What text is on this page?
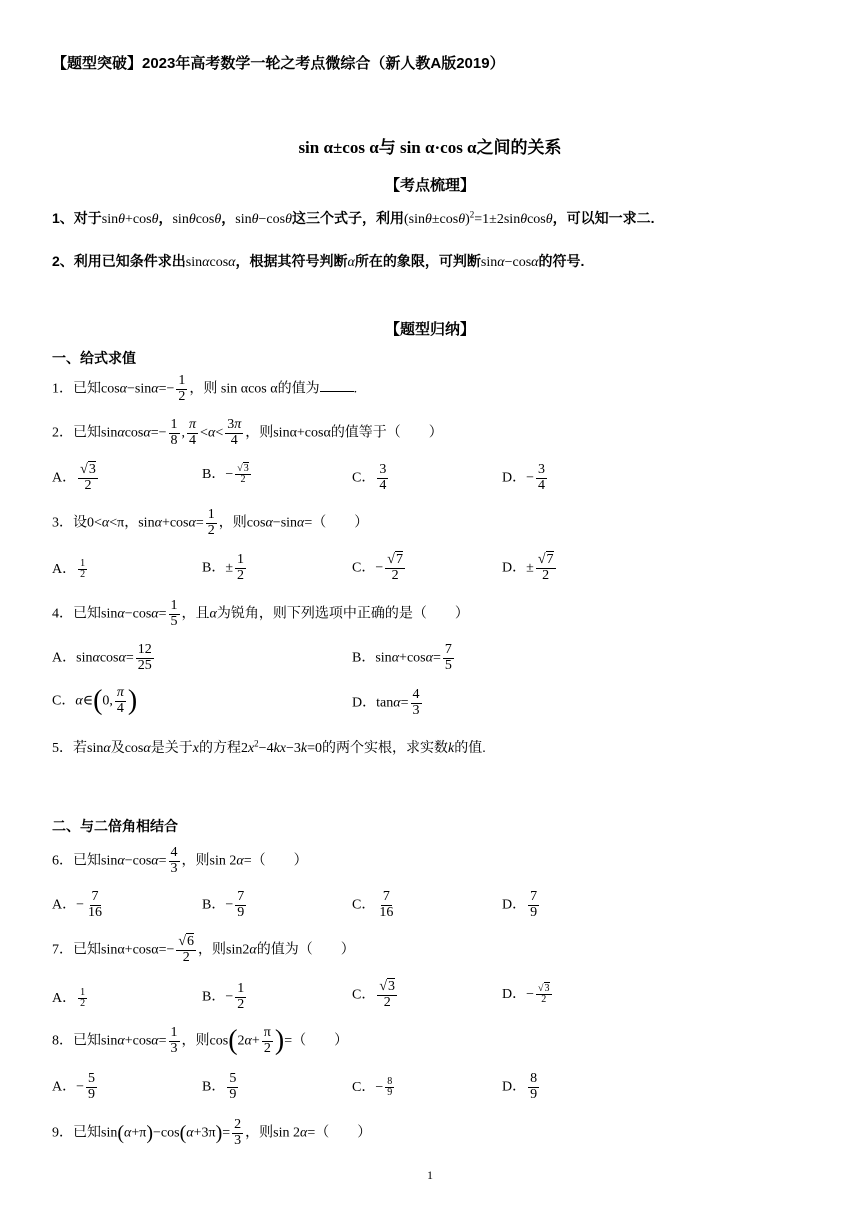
【题型突破】2023年高考数学一轮之考点微综合（新人教A版2019）
sin α±cos α与 sin α·cos α之间的关系
【考点梳理】
1、对于sinθ+cosθ，sinθcosθ，sinθ−cosθ这三个式子，利用$(\sin\theta\pm\cos\theta)^2=1\pm 2\sin\theta\cos\theta$，可以知一求二.
2、利用已知条件求出sinαcosα，根据其符号判断α所在的象限，可判断sinα−cosα的符号.
【题型归纳】
一、给式求值
1．已知$\cos\alpha-\sin\alpha=- \frac{1}{2}$ ，则 sin αcos α的值为 .
2．已知$\sin\alpha\cos\alpha=- \frac{1}{8}$ , $\frac{\pi}{4} <\alpha< \frac{3\pi}{4}$ ，则sinα+cosα的值等于（　　）
A． $\frac{√3}{2}$	B．− $\frac{√3}{2}$	C． $\frac{3}{4}$	D．− $\frac{3}{4}$
3．设0<α<π，$\sin\alpha+\cos\alpha= \frac{1}{2}$ ，则cosα−sinα=（　　）
A． $\frac{1}{2}$	B．± $\frac{1}{2}$	C．− $\frac{√7}{2}$	D．± $\frac{√7}{2}$
4．已知$\sin\alpha-\cos\alpha= \frac{1}{5}$ ，且α为锐角，则下列选项中正确的是（　　）
A．$\sin\alpha\cos\alpha= \frac{12}{25}$	B．$\sin\alpha+\cos\alpha= \frac{7}{5}$
C．α∈(0, $\frac{\pi}{4}$ )	D．$\tan\alpha= \frac{4}{3}$
5．若sinα及cosα是关于x的方程$2x^2-4kx-3k=0$的两个实根，求实数k的值.
二、与二倍角相结合
6．已知$\sin\alpha-\cos\alpha= \frac{4}{3}$ ，则sin 2α=（　　）
A．− $\frac{7}{16}$	B．− $\frac{7}{9}$	C． $\frac{7}{16}$	D． $\frac{7}{9}$
7．已知$\sin\alpha+\cos\alpha=- \frac{√6}{2}$ ，则sin2α的值为（　　）
A． $\frac{1}{2}$	B．− $\frac{1}{2}$	C． $\frac{√3}{2}$	D．− $\frac{√3}{2}$
8．已知$\sin\alpha+\cos\alpha= \frac{1}{3}$ ，则$\cos(2\alpha+ \frac{\pi}{2}$ )=（　　）
A．− $\frac{5}{9}$	B． $\frac{5}{9}$	C．− $\frac{8}{9}$	D． $\frac{8}{9}$
9．已知$\sin(\alpha+\pi)-\cos(\alpha+3\pi)= \frac{2}{3}$ ，则sin 2α=（　　）
1
